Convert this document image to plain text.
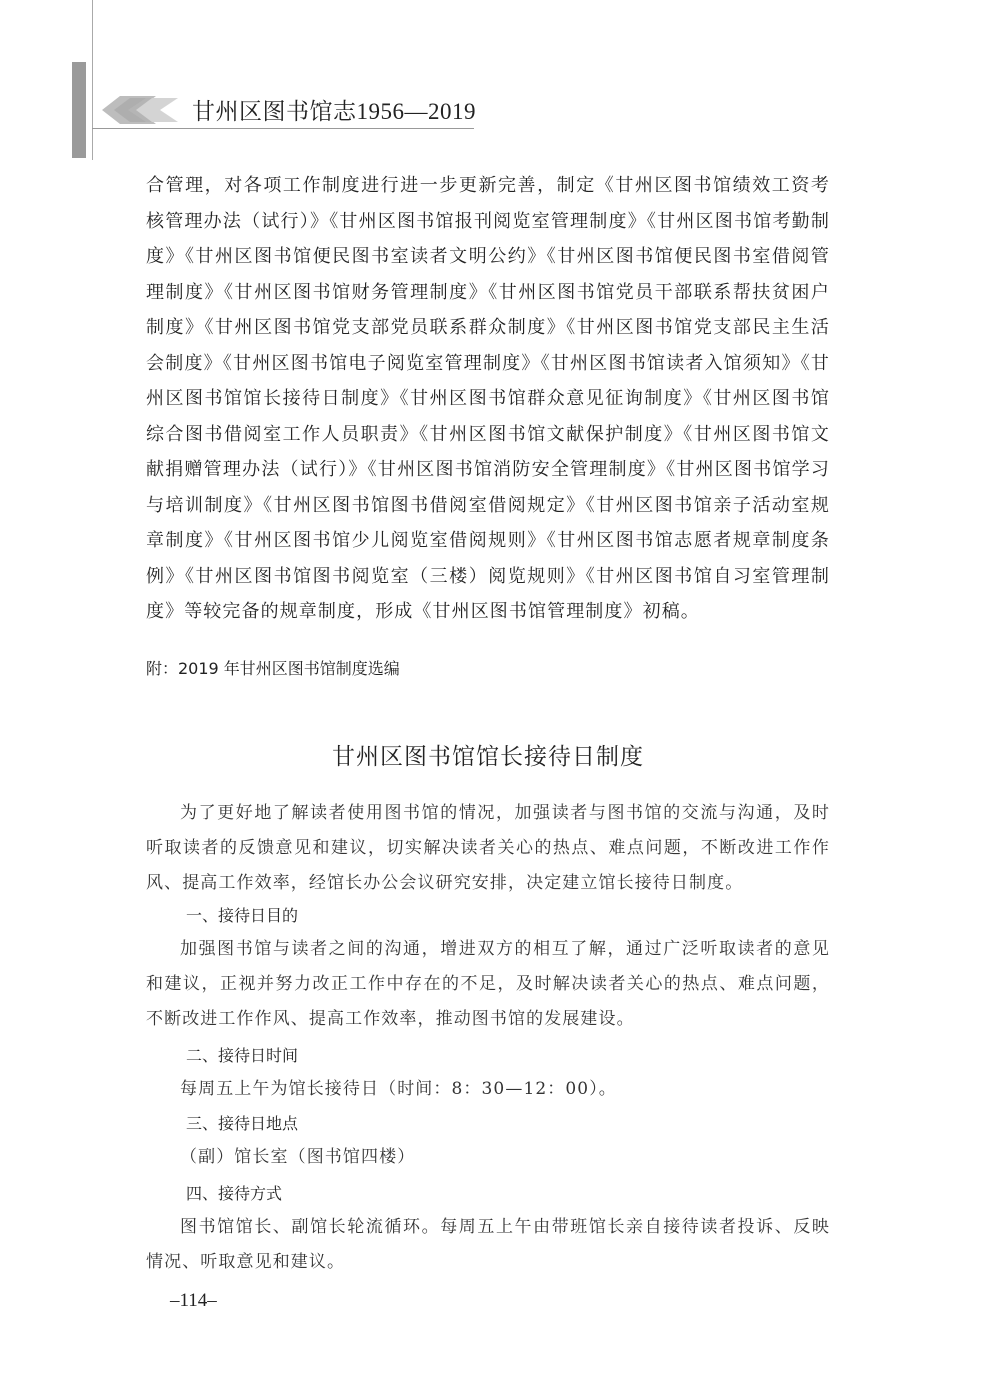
甘州区图书馆志1956—2019
合管理，对各项工作制度进行进一步更新完善，制定《甘州区图书馆绩效工资考核管理办法（试行）》《甘州区图书馆报刊阅览室管理制度》《甘州区图书馆考勤制度》《甘州区图书馆便民图书室读者文明公约》《甘州区图书馆便民图书室借阅管理制度》《甘州区图书馆财务管理制度》《甘州区图书馆党员干部联系帮扶贫困户制度》《甘州区图书馆党支部党员联系群众制度》《甘州区图书馆党支部民主生活会制度》《甘州区图书馆电子阅览室管理制度》《甘州区图书馆读者入馆须知》《甘州区图书馆馆长接待日制度》《甘州区图书馆群众意见征询制度》《甘州区图书馆综合图书借阅室工作人员职责》《甘州区图书馆文献保护制度》《甘州区图书馆文献捐赠管理办法（试行）》《甘州区图书馆消防安全管理制度》《甘州区图书馆学习与培训制度》《甘州区图书馆图书借阅室借阅规定》《甘州区图书馆亲子活动室规章制度》《甘州区图书馆少儿阅览室借阅规则》《甘州区图书馆志愿者规章制度条例》《甘州区图书馆图书阅览室（三楼）阅览规则》《甘州区图书馆自习室管理制度》等较完备的规章制度，形成《甘州区图书馆管理制度》初稿。
附：2019 年甘州区图书馆制度选编
甘州区图书馆馆长接待日制度
为了更好地了解读者使用图书馆的情况，加强读者与图书馆的交流与沟通，及时听取读者的反馈意见和建议，切实解决读者关心的热点、难点问题，不断改进工作作风、提高工作效率，经馆长办公会议研究安排，决定建立馆长接待日制度。
一、接待日目的
加强图书馆与读者之间的沟通，增进双方的相互了解，通过广泛听取读者的意见和建议，正视并努力改正工作中存在的不足，及时解决读者关心的热点、难点问题，不断改进工作作风、提高工作效率，推动图书馆的发展建设。
二、接待日时间
每周五上午为馆长接待日（时间：8：30—12：00）。
三、接待日地点
（副）馆长室（图书馆四楼）
四、接待方式
图书馆馆长、副馆长轮流循环。每周五上午由带班馆长亲自接待读者投诉、反映情况、听取意见和建议。
–114–
